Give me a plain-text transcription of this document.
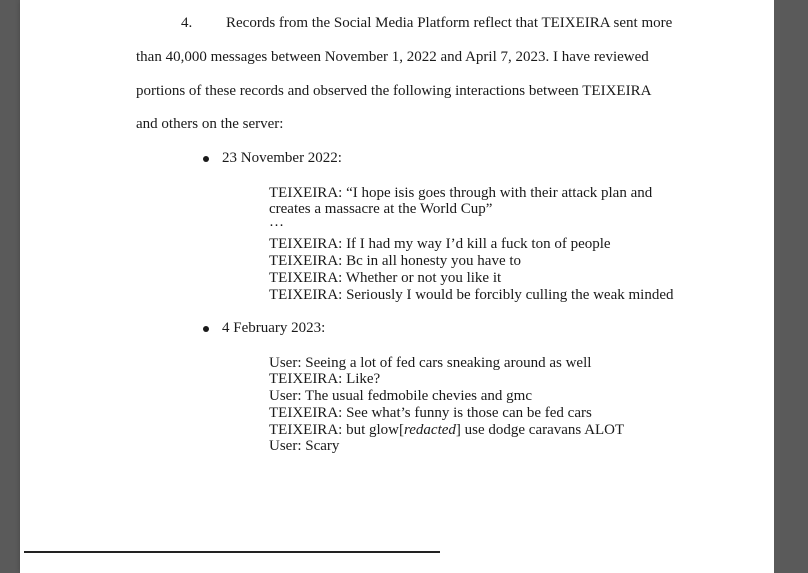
4. Records from the Social Media Platform reflect that TEIXEIRA sent more
than 40,000 messages between November 1, 2022 and April 7, 2023. I have reviewed
portions of these records and observed the following interactions between TEIXEIRA
and others on the server:
23 November 2022:
TEIXEIRA: “I hope isis goes through with their attack plan and
creates a massacre at the World Cup”
…
TEIXEIRA: If I had my way I’d kill a fuck ton of people
TEIXEIRA: Bc in all honesty you have to
TEIXEIRA: Whether or not you like it
TEIXEIRA: Seriously I would be forcibly culling the weak minded
4 February 2023:
User: Seeing a lot of fed cars sneaking around as well
TEIXEIRA: Like?
User: The usual fedmobile chevies and gmc
TEIXEIRA: See what’s funny is those can be fed cars
TEIXEIRA: but glow[redacted] use dodge caravans ALOT
User: Scary
